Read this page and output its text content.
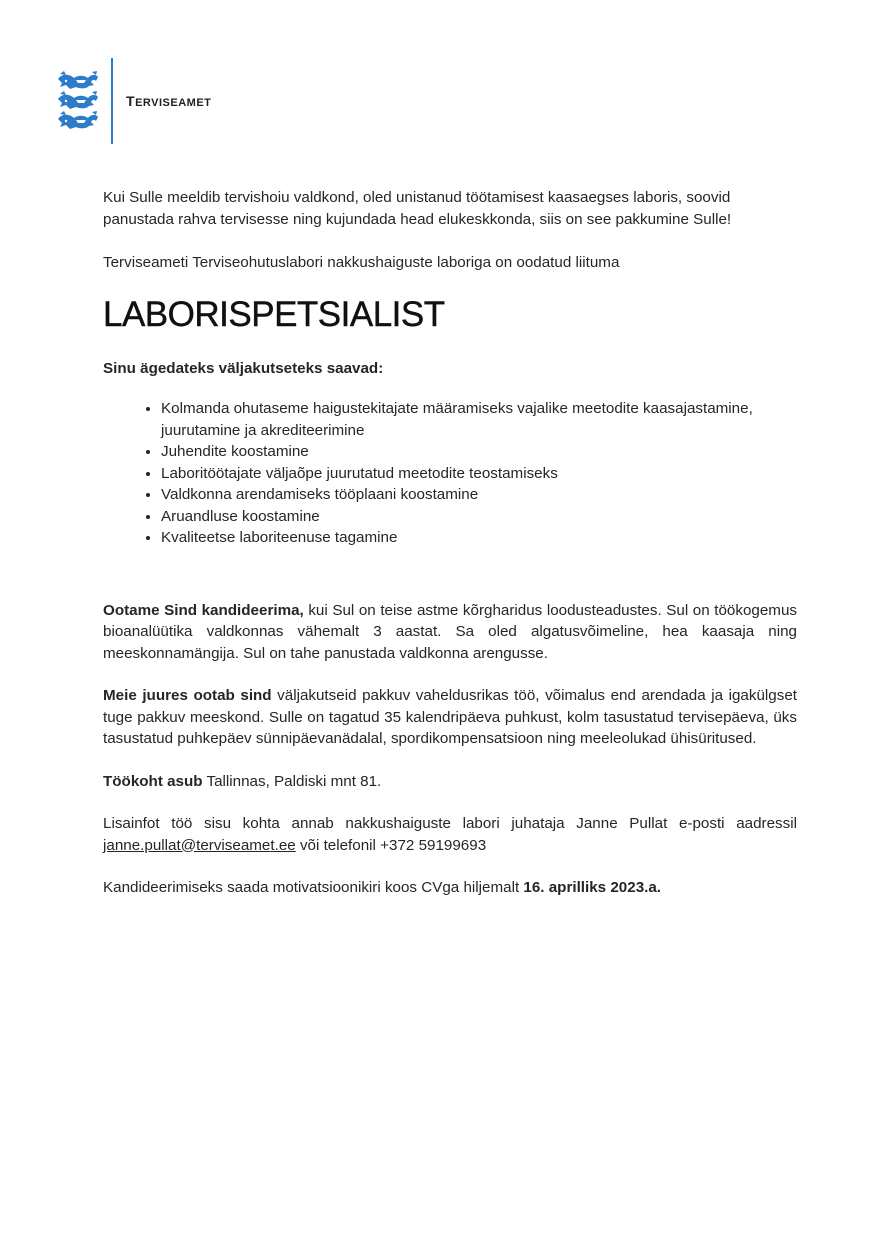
TERVISEAMET

Kui Sulle meeldib tervishoiu valdkond, oled unistanud töötamisest kaasaegses laboris, soovid panustada rahva tervisesse ning kujundada head elukeskkonda, siis on see pakkumine Sulle!

Terviseameti Terviseohutuslabori nakkushaiguste laboriga on oodatud liituma

LABORISPETSIALIST

Sinu ägedateks väljakutseteks saavad:

• Kolmanda ohutaseme haigustekitajate määramiseks vajalike meetodite kaasajastamine, juurutamine ja akrediteerimine
• Juhendite koostamine
• Laboritöötajate väljaõpe juurutatud meetodite teostamiseks
• Valdkonna arendamiseks tööplaani koostamine
• Aruandluse koostamine
• Kvaliteetse laboriteenuse tagamine

Ootame Sind kandideerima, kui Sul on teise astme kõrgharidus loodusteadustes. Sul on töökogemus bioanalüütika valdkonnas vähemalt 3 aastat. Sa oled algatusvõimeline, hea kaasaja ning meeskonnamängija. Sul on tahe panustada valdkonna arengusse.

Meie juures ootab sind väljakutseid pakkuv vaheldusrikas töö, võimalus end arendada ja igakülgset tuge pakkuv meeskond. Sulle on tagatud 35 kalendripäeva puhkust, kolm tasustatud tervisepäeva, üks tasustatud puhkepäev sünnipäevanädalal, spordikompensatsioon ning meeleolukad ühisüritused.

Töökoht asub Tallinnas, Paldiski mnt 81.

Lisainfot töö sisu kohta annab nakkushaiguste labori juhataja Janne Pullat e-posti aadressil janne.pullat@terviseamet.ee või telefonil +372 59199693

Kandideerimiseks saada motivatsioonikiri koos CVga hiljemalt 16. aprilliks 2023.a.
